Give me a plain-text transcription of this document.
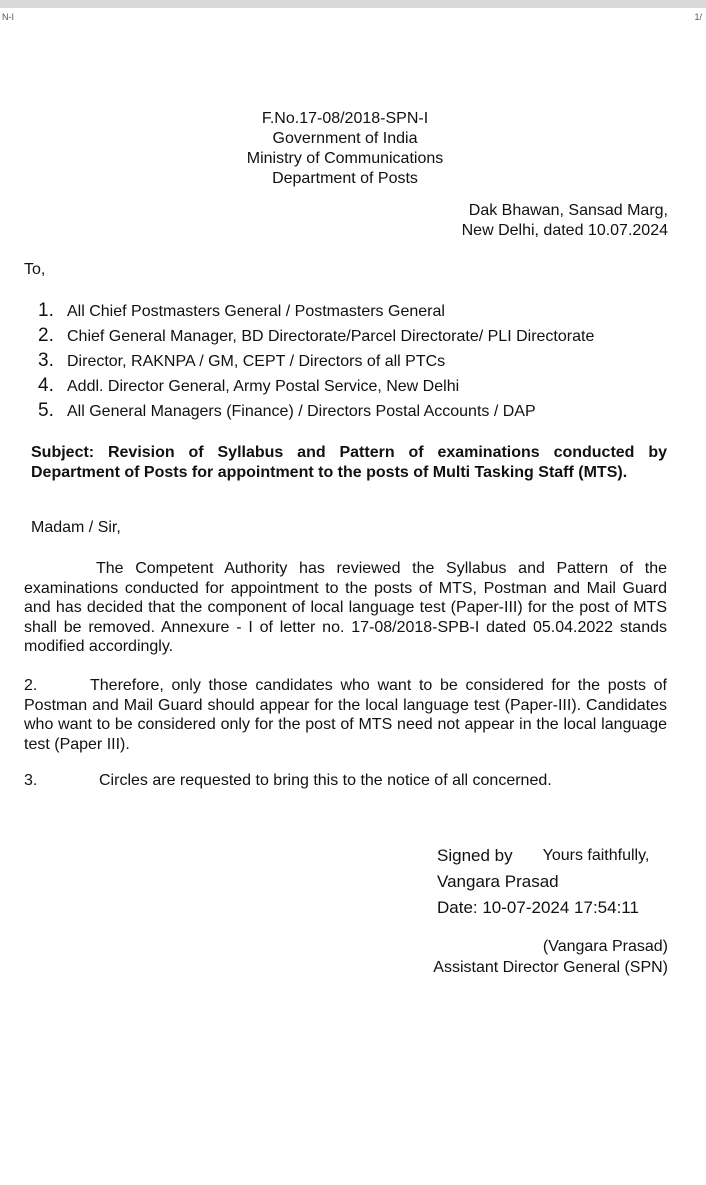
N-I	1/
F.No.17-08/2018-SPN-I
Government of India
Ministry of Communications
Department of Posts
Dak Bhawan, Sansad Marg,
New Delhi, dated 10.07.2024
To,
1. All Chief Postmasters General / Postmasters General
2. Chief General Manager, BD Directorate/Parcel Directorate/ PLI Directorate
3. Director, RAKNPA / GM, CEPT / Directors of all PTCs
4. Addl. Director General, Army Postal Service, New Delhi
5. All General Managers (Finance) / Directors Postal Accounts / DAP
Subject: Revision of Syllabus and Pattern of examinations conducted by Department of Posts for appointment to the posts of Multi Tasking Staff (MTS).
Madam / Sir,
The Competent Authority has reviewed the Syllabus and Pattern of the examinations conducted for appointment to the posts of MTS, Postman and Mail Guard and has decided that the component of local language test (Paper-III) for the post of MTS shall be removed. Annexure - I of letter no. 17-08/2018-SPB-I dated 05.04.2022 stands modified accordingly.
2.	Therefore, only those candidates who want to be considered for the posts of Postman and Mail Guard should appear for the local language test (Paper-III). Candidates who want to be considered only for the post of MTS need not appear in the local language test (Paper III).
3.	Circles are requested to bring this to the notice of all concerned.
Signed by Yours faithfully,
Vangara Prasad
Date: 10-07-2024 17:54:11
(Vangara Prasad)
Assistant Director General (SPN)
